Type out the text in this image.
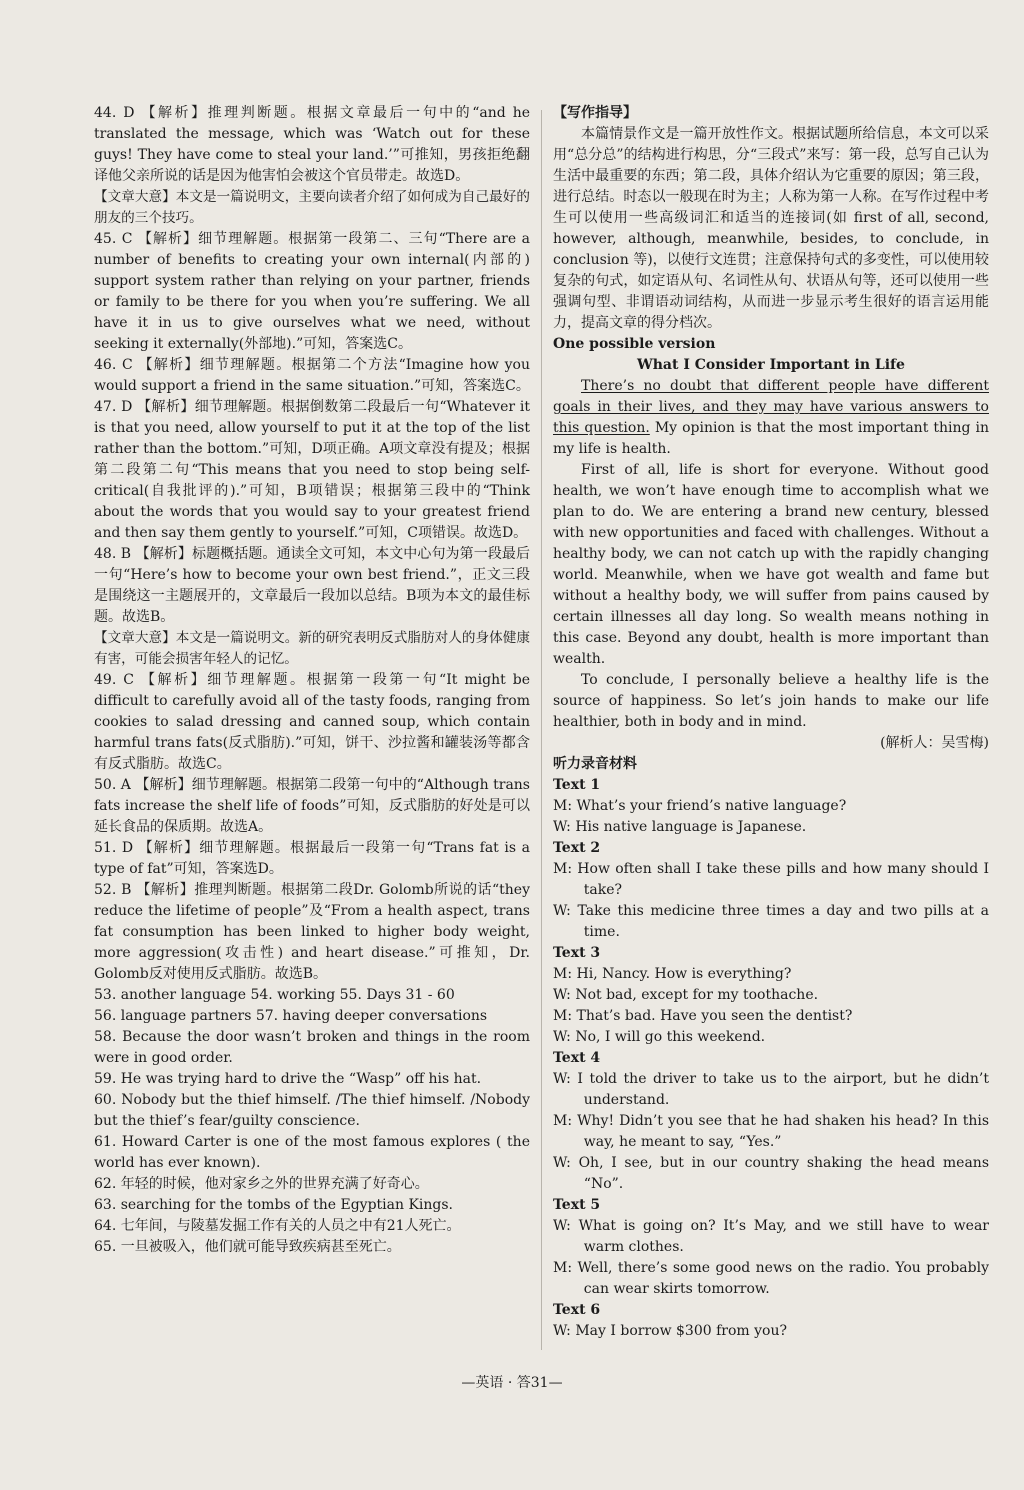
44. D 【解析】推理判断题。根据文章最后一句中的“and he translated the message, which was ‘Watch out for these guys! They have come to steal your land.’”可推知，男孩拒绝翻译他父亲所说的话是因为他害怕会被这个官员带走。故选D。

【文章大意】本文是一篇说明文，主要向读者介绍了如何成为自己最好的朋友的三个技巧。

45. C 【解析】细节理解题。根据第一段第二、三句“There are a number of benefits to creating your own internal(内部的) support system rather than relying on your partner, friends or family to be there for you when you’re suffering. We all have it in us to give ourselves what we need, without seeking it externally(外部地).”可知，答案选C。

46. C 【解析】细节理解题。根据第二个方法“Imagine how you would support a friend in the same situation.”可知，答案选C。

47. D 【解析】细节理解题。根据倒数第二段最后一句“Whatever it is that you need, allow yourself to put it at the top of the list rather than the bottom.”可知，D项正确。A项文章没有提及；根据第二段第二句“This means that you need to stop being self-critical(自我批评的).”可知，B项错误；根据第三段中的“Think about the words that you would say to your greatest friend and then say them gently to yourself.”可知，C项错误。故选D。

48. B 【解析】标题概括题。通读全文可知，本文中心句为第一段最后一句“Here’s how to become your own best friend.”，正文三段是围绕这一主题展开的，文章最后一段加以总结。B项为本文的最佳标题。故选B。

【文章大意】本文是一篇说明文。新的研究表明反式脂肪对人的身体健康有害，可能会损害年轻人的记忆。

49. C 【解析】细节理解题。根据第一段第一句“It might be difficult to carefully avoid all of the tasty foods, ranging from cookies to salad dressing and canned soup, which contain harmful trans fats(反式脂肪).”可知，饼干、沙拉酱和罐装汤等都含有反式脂肪。故选C。

50. A 【解析】细节理解题。根据第二段第一句中的“Although trans fats increase the shelf life of foods”可知，反式脂肪的好处是可以延长食品的保质期。故选A。

51. D 【解析】细节理解题。根据最后一段第一句“Trans fat is a type of fat”可知，答案选D。

52. B 【解析】推理判断题。根据第二段Dr. Golomb所说的话“they reduce the lifetime of people”及“From a health aspect, trans fat consumption has been linked to higher body weight, more aggression(攻击性) and heart disease.”可推知，Dr. Golomb反对使用反式脂肪。故选B。

53. another language 54. working 55. Days 31 - 60

56. language partners 57. having deeper conversations

58. Because the door wasn’t broken and things in the room were in good order.

59. He was trying hard to drive the “Wasp” off his hat.

60. Nobody but the thief himself. /The thief himself. /Nobody but the thief’s fear/guilty conscience.

61. Howard Carter is one of the most famous explores ( the world has ever known).

62. 年轻的时候，他对家乡之外的世界充满了好奇心。

63. searching for the tombs of the Egyptian Kings.

64. 七年间，与陵墓发掘工作有关的人员之中有21人死亡。

65. 一旦被吸入，他们就可能导致疾病甚至死亡。

【写作指导】

本篇情景作文是一篇开放性作文。根据试题所给信息，本文可以采用“总分总”的结构进行构思，分“三段式”来写：第一段，总写自己认为生活中最重要的东西；第二段，具体介绍认为它重要的原因；第三段，进行总结。时态以一般现在时为主；人称为第一人称。在写作过程中考生可以使用一些高级词汇和适当的连接词(如 first of all, second, however, although, meanwhile, besides, to conclude, in conclusion 等)，以使行文连贯；注意保持句式的多变性，可以使用较复杂的句式，如定语从句、名词性从句、状语从句等，还可以使用一些强调句型、非谓语动词结构，从而进一步显示考生很好的语言运用能力，提高文章的得分档次。

One possible version

What I Consider Important in Life

There’s no doubt that different people have different goals in their lives, and they may have various answers to this question. My opinion is that the most important thing in my life is health.

First of all, life is short for everyone. Without good health, we won’t have enough time to accomplish what we plan to do. We are entering a brand new century, blessed with new opportunities and faced with challenges. Without a healthy body, we can not catch up with the rapidly changing world. Meanwhile, when we have got wealth and fame but without a healthy body, we will suffer from pains caused by certain illnesses all day long. So wealth means nothing in this case. Beyond any doubt, health is more important than wealth.

To conclude, I personally believe a healthy life is the source of happiness. So let’s join hands to make our life healthier, both in body and in mind.

(解析人：吴雪梅)

听力录音材料

Text 1

M: What’s your friend’s native language?

W: His native language is Japanese.

Text 2

M: How often shall I take these pills and how many should I take?

W: Take this medicine three times a day and two pills at a time.

Text 3

M: Hi, Nancy. How is everything?

W: Not bad, except for my toothache.

M: That’s bad. Have you seen the dentist?

W: No, I will go this weekend.

Text 4

W: I told the driver to take us to the airport, but he didn’t understand.

M: Why! Didn’t you see that he had shaken his head? In this way, he meant to say, “Yes.”

W: Oh, I see, but in our country shaking the head means “No”.

Text 5

W: What is going on? It’s May, and we still have to wear warm clothes.

M: Well, there’s some good news on the radio. You probably can wear skirts tomorrow.

Text 6

W: May I borrow $300 from you?

—英语 · 答31—
